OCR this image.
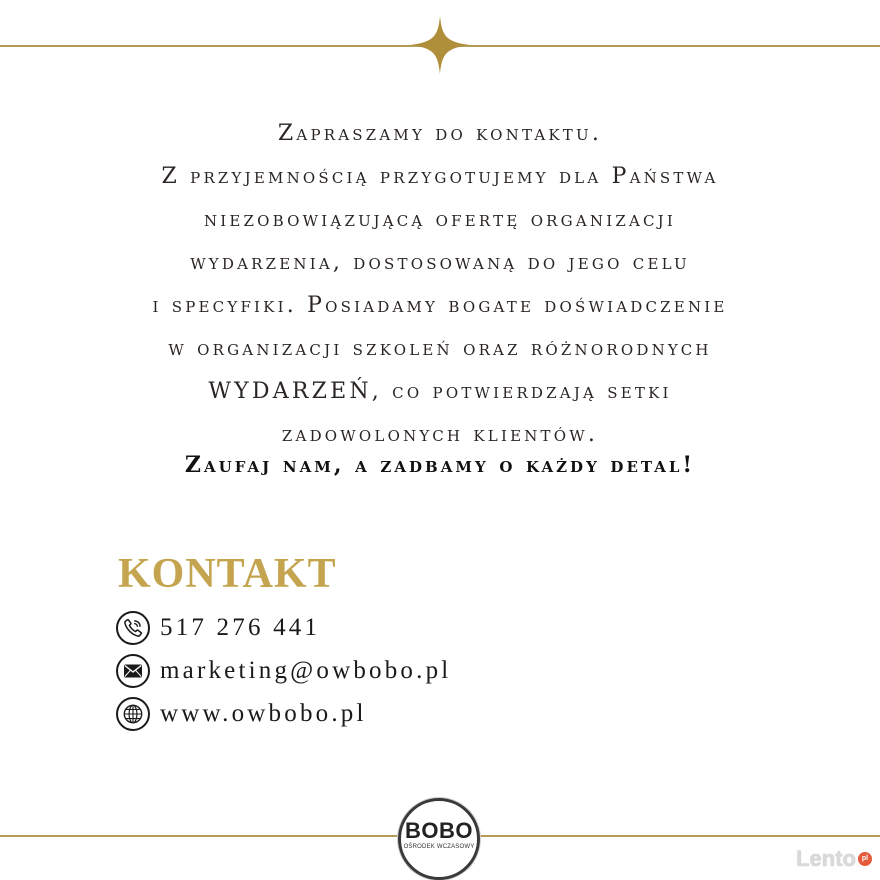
Zapraszamy do kontaktu.
Z przyjemnością przygotujemy dla Państwa
niezobowiązującą ofertę organizacji
wydarzenia, dostosowaną do jego celu
i specyfiki. Posiadamy bogate doświadczenie
w organizacji szkoleń oraz różnorodnych
WYDARZEŃ, co potwierdzają setki
zadowolonych klientów.
Zaufaj nam, a zadbamy o każdy detal!
KONTAKT
517 276 441
marketing@owbobo.pl
www.owbobo.pl
BOBO
OŚRODEK WCZASOWY	Lento pl
